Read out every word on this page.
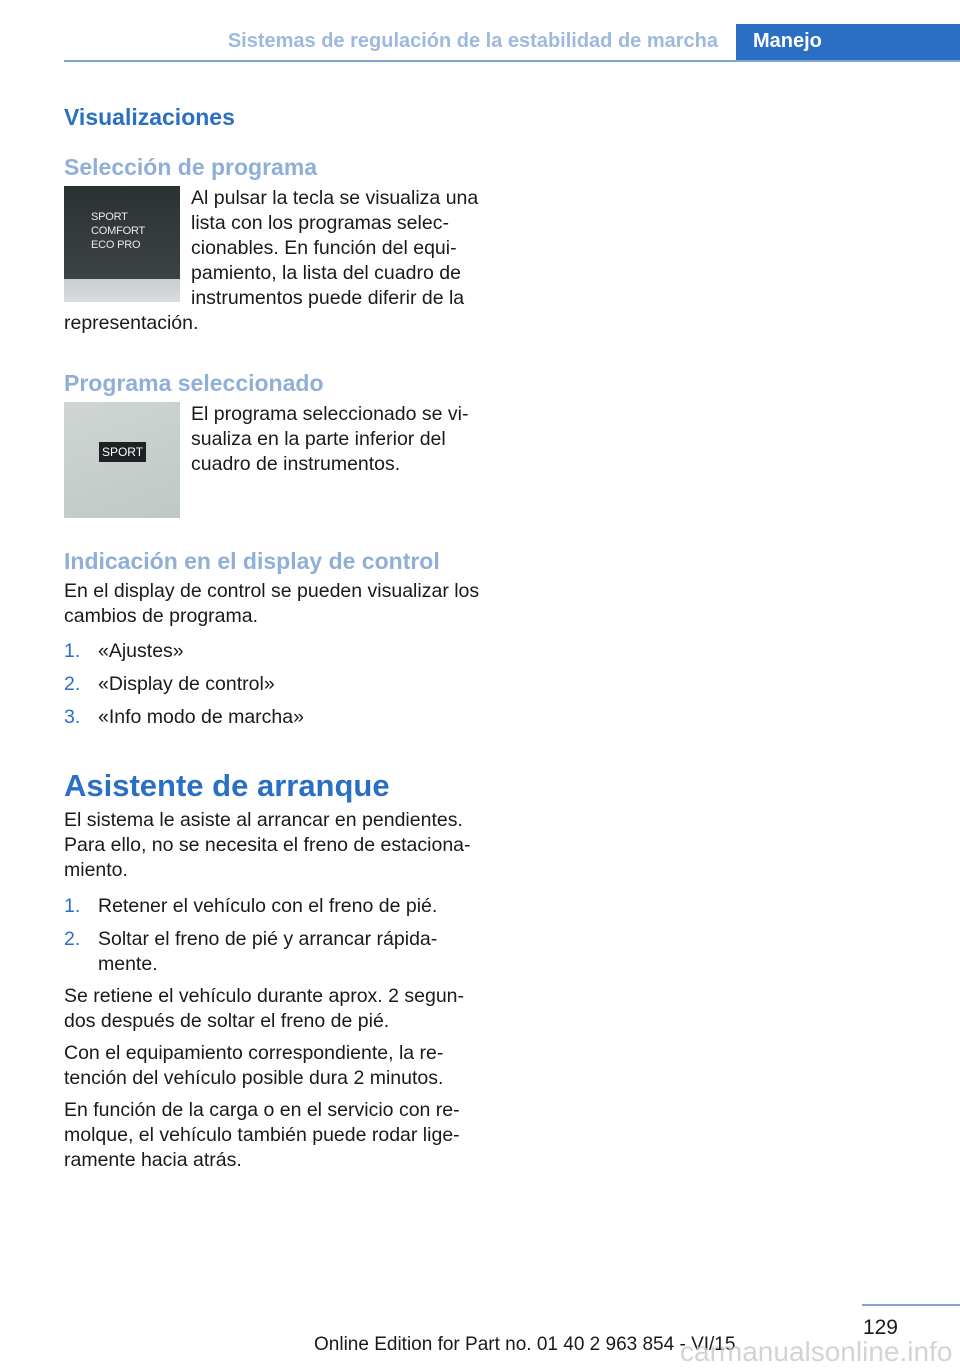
Sistemas de regulación de la estabilidad de marcha	Manejo
Visualizaciones
Selección de programa
SPORT
COMFORT
ECO PRO

Al pulsar la tecla se visualiza una lista con los programas selec‐cionables. En función del equi‐pamiento, la lista del cuadro de instrumentos puede diferir de la representación.

Programa seleccionado
SPORT

El programa seleccionado se vi‐sualiza en la parte inferior del cuadro de instrumentos.

Indicación en el display de control

En el display de control se pueden visualizar los cambios de programa.

1. «Ajustes»
2. «Display de control»
3. «Info modo de marcha»
Asistente de arranque

El sistema le asiste al arrancar en pendientes. Para ello, no se necesita el freno de estaciona‐miento.

1. Retener el vehículo con el freno de pié.
2. Soltar el freno de pié y arrancar rápida‐mente.

Se retiene el vehículo durante aprox. 2 segun‐dos después de soltar el freno de pié.

Con el equipamiento correspondiente, la re‐tención del vehículo posible dura 2 minutos.

En función de la carga o en el servicio con re‐molque, el vehículo también puede rodar lige‐ramente hacia atrás.

129
Online Edition for Part no. 01 40 2 963 854 - VI/15
carmanualsonline.info
